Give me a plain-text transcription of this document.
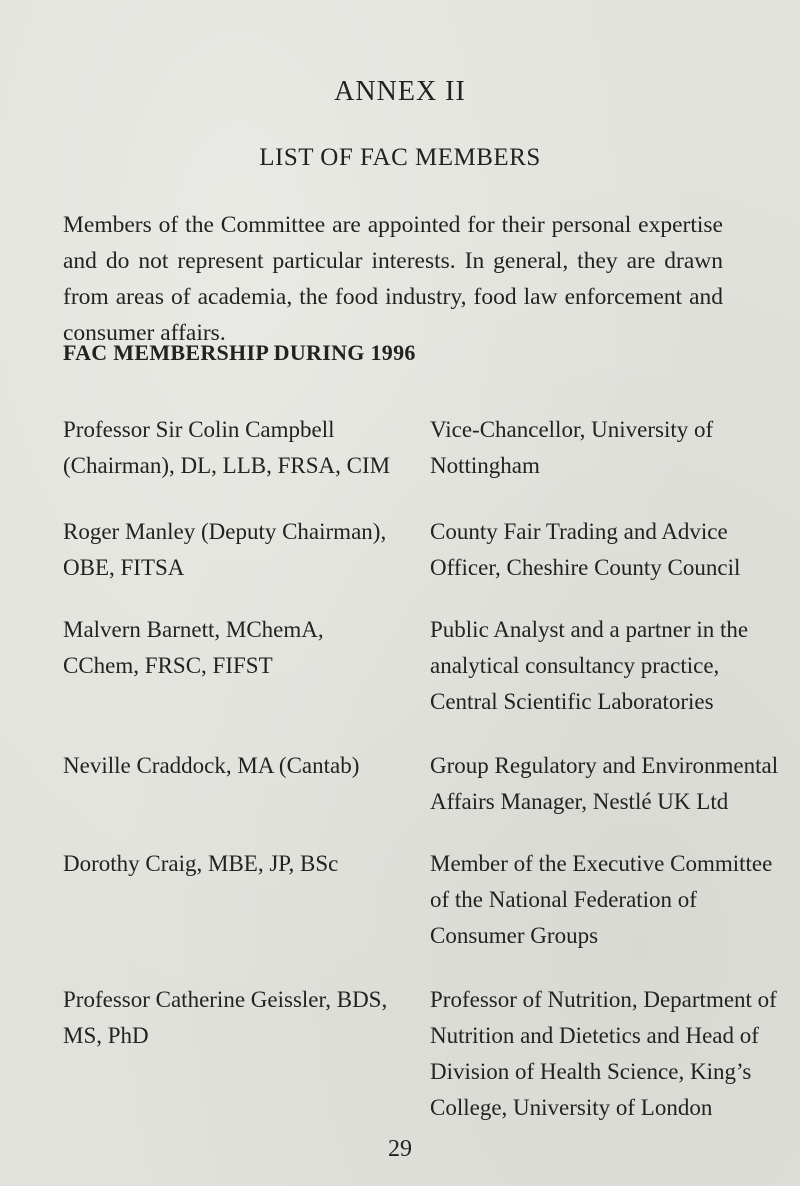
ANNEX II
LIST OF FAC MEMBERS

Members of the Committee are appointed for their personal expertise and do not represent particular interests. In general, they are drawn from areas of academia, the food industry, food law enforcement and consumer affairs.

FAC MEMBERSHIP DURING 1996

Professor Sir Colin Campbell (Chairman), DL, LLB, FRSA, CIM

Vice-Chancellor, University of Nottingham

Roger Manley (Deputy Chairman), OBE, FITSA

County Fair Trading and Advice Officer, Cheshire County Council

Malvern Barnett, MChemA, CChem, FRSC, FIFST

Public Analyst and a partner in the analytical consultancy practice, Central Scientific Laboratories

Neville Craddock, MA (Cantab)	Group Regulatory and Environmental Affairs Manager, Nestlé UK Ltd

Dorothy Craig, MBE, JP, BSc	Member of the Executive Committee of the National Federation of Consumer Groups

Professor Catherine Geissler, BDS, MS, PhD

Professor of Nutrition, Department of Nutrition and Dietetics and Head of Division of Health Science, King’s College, University of London

29
